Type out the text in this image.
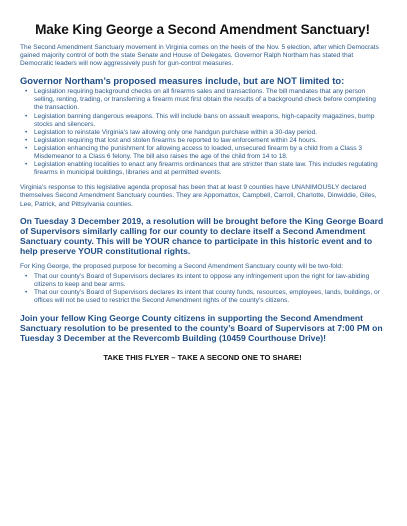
Make King George a Second Amendment Sanctuary!

The Second Amendment Sanctuary movement in Virginia comes on the heels of the Nov. 5 election, after which Democrats gained majority control of both the state Senate and House of Delegates. Governor Ralph Northam has stated that Democratic leaders will now aggressively push for gun-control measures.

Governor Northam’s proposed measures include, but are NOT limited to:
• Legislation requiring background checks on all firearms sales and transactions. The bill mandates that any person selling, renting, trading, or transferring a firearm must first obtain the results of a background check before completing the transaction.
• Legislation banning dangerous weapons. This will include bans on assault weapons, high-capacity magazines, bump stocks and silencers.
• Legislation to reinstate Virginia’s law allowing only one handgun purchase within a 30-day period.
• Legislation requiring that lost and stolen firearms be reported to law enforcement within 24 hours.
• Legislation enhancing the punishment for allowing access to loaded, unsecured firearm by a child from a Class 3 Misdemeanor to a Class 6 felony. The bill also raises the age of the child from 14 to 18.
• Legislation enabling localities to enact any firearms ordinances that are stricter than state law. This includes regulating firearms in municipal buildings, libraries and at permitted events.

Virginia’s response to this legislative agenda proposal has been that at least 9 counties have UNANIMOUSLY declared themselves Second Amendment Sanctuary counties. They are Appomattox, Campbell, Carroll, Charlotte, Dinwiddie, Giles, Lee, Patrick, and Pittsylvania counties.

On Tuesday 3 December 2019, a resolution will be brought before the King George Board of Supervisors similarly calling for our county to declare itself a Second Amendment Sanctuary county. This will be YOUR chance to participate in this historic event and to help preserve YOUR constitutional rights.

For King George, the proposed purpose for becoming a Second Amendment Sanctuary county will be two-fold:

• That our county’s Board of Supervisors declares its intent to oppose any infringement upon the right for law-abiding citizens to keep and bear arms.
• That our county’s Board of Supervisors declares its intent that county funds, resources, employees, lands, buildings, or offices will not be used to restrict the Second Amendment rights of the county’s citizens.

Join your fellow King George County citizens in supporting the Second Amendment Sanctuary resolution to be presented to the county’s Board of Supervisors at 7:00 PM on Tuesday 3 December at the Revercomb Building (10459 Courthouse Drive)!

TAKE THIS FLYER – TAKE A SECOND ONE TO SHARE!
